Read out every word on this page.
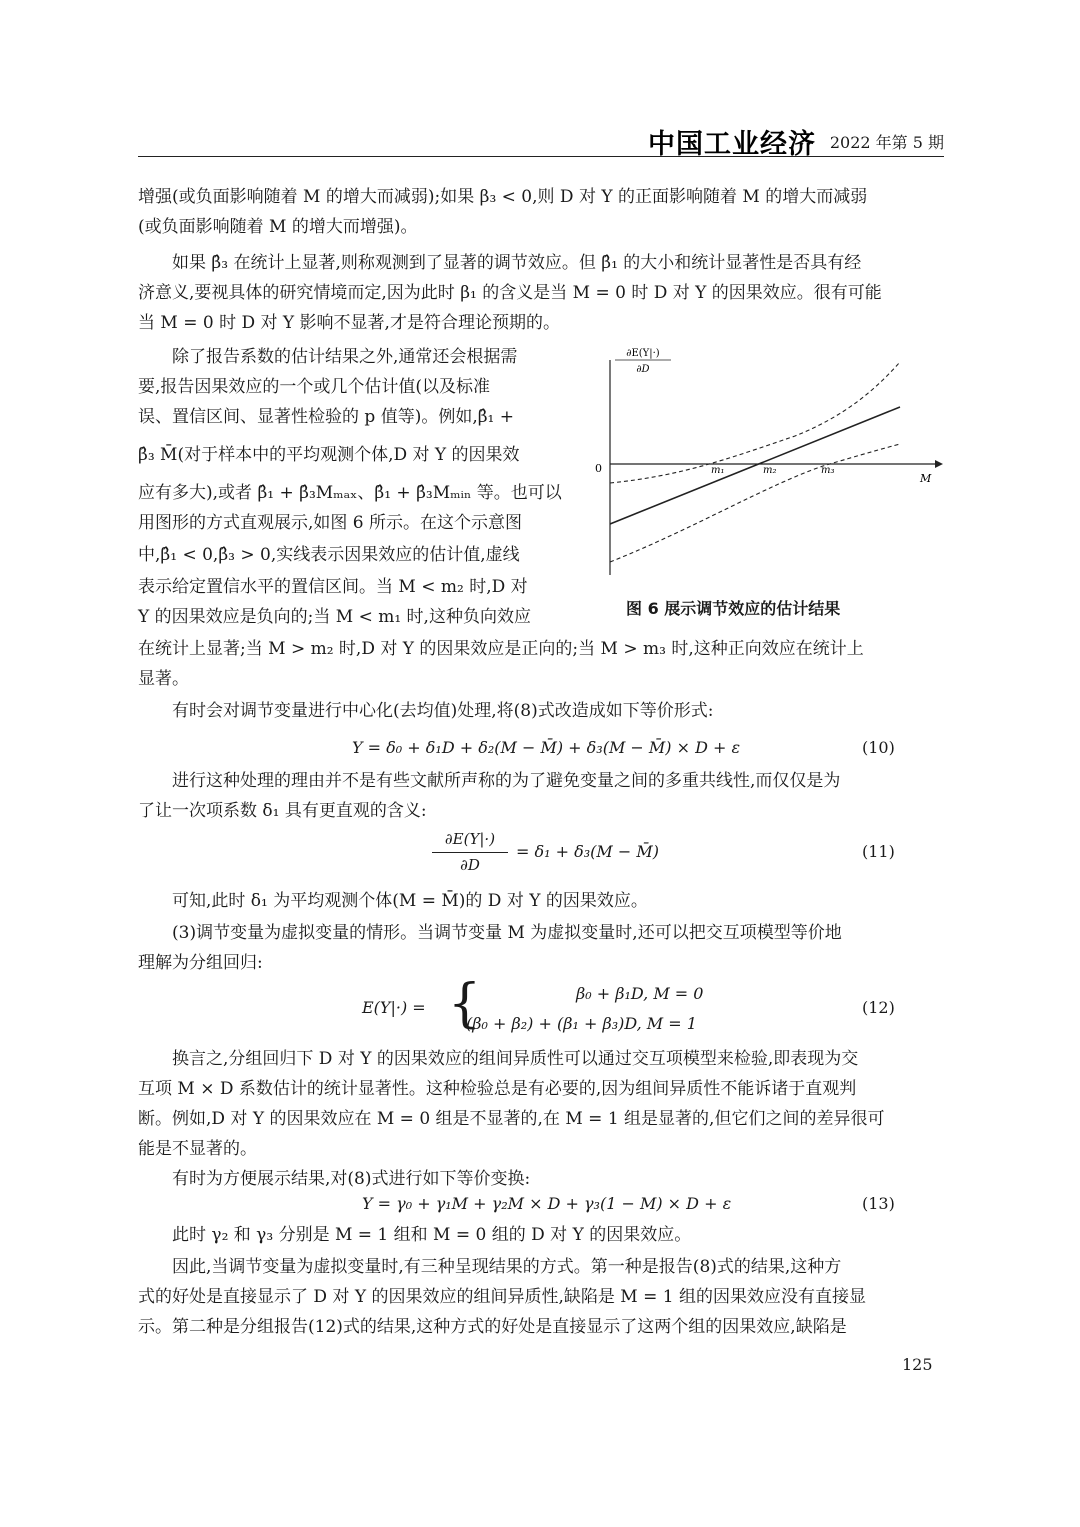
中国工业经济 2022 年第 5 期

增强(或负面影响随着 M 的增大而减弱);如果 β₃ < 0,则 D 对 Y 的正面影响随着 M 的增大而减弱

(或负面影响随着 M 的增大而增强)。

如果 β̂₃ 在统计上显著,则称观测到了显著的调节效应。但 β̂₁ 的大小和统计显著性是否具有经

济意义,要视具体的研究情境而定,因为此时 β₁ 的含义是当 M = 0 时 D 对 Y 的因果效应。很有可能

当 M = 0 时 D 对 Y 影响不显著,才是符合理论预期的。

除了报告系数的估计结果之外,通常还会根据需

要,报告因果效应的一个或几个估计值(以及标准

误、置信区间、显著性检验的 p 值等)。例如,β̂₁ +

β̂₃ M̄(对于样本中的平均观测个体,D 对 Y 的因果效

应有多大),或者 β̂₁ + β̂₃Mₘₐₓ、β̂₁ + β̂₃Mₘᵢₙ 等。也可以

用图形的方式直观展示,如图 6 所示。在这个示意图

中,β̂₁ < 0,β̂₃ > 0,实线表示因果效应的估计值,虚线

表示给定置信水平的置信区间。当 M < m₂ 时,D 对

Y 的因果效应是负向的;当 M < m₁ 时,这种负向效应

在统计上显著;当 M > m₂ 时,D 对 Y 的因果效应是正向的;当 M > m₃ 时,这种正向效应在统计上

显著。

有时会对调节变量进行中心化(去均值)处理,将(8)式改造成如下等价形式:

Y = δ₀ + δ₁D + δ₂(M − M̄) + δ₃(M − M̄) × D + ε	(10)

进行这种处理的理由并不是有些文献所声称的为了避免变量之间的多重共线性,而仅仅是为

了让一次项系数 δ₁ 具有更直观的含义:

∂E(Y|·)
∂D
= δ₁ + δ₃(M − M̄)	(11)

可知,此时 δ₁ 为平均观测个体(M = M̄)的 D 对 Y 的因果效应。

(3)调节变量为虚拟变量的情形。当调节变量 M 为虚拟变量时,还可以把交互项模型等价地

理解为分组回归:

E(Y|·) = {	β₀ + β₁D, M = 0
(β₀ + β₂) + (β₁ + β₃)D, M = 1
(12)

换言之,分组回归下 D 对 Y 的因果效应的组间异质性可以通过交互项模型来检验,即表现为交

互项 M × D 系数估计的统计显著性。这种检验总是有必要的,因为组间异质性不能诉诸于直观判

断。例如,D 对 Y 的因果效应在 M = 0 组是不显著的,在 M = 1 组是显著的,但它们之间的差异很可

能是不显著的。

有时为方便展示结果,对(8)式进行如下等价变换:

Y = γ₀ + γ₁M + γ₂M × D + γ₃(1 − M) × D + ε	(13)

此时 γ₂ 和 γ₃ 分别是 M = 1 组和 M = 0 组的 D 对 Y 的因果效应。

因此,当调节变量为虚拟变量时,有三种呈现结果的方式。第一种是报告(8)式的结果,这种方

式的好处是直接显示了 D 对 Y 的因果效应的组间异质性,缺陷是 M = 1 组的因果效应没有直接显

示。第二种是分组报告(12)式的结果,这种方式的好处是直接显示了这两个组的因果效应,缺陷是

∂E(Y|·)
∂D
0
M
m₁	m₂	m₃
图 6 展示调节效应的估计结果
125
